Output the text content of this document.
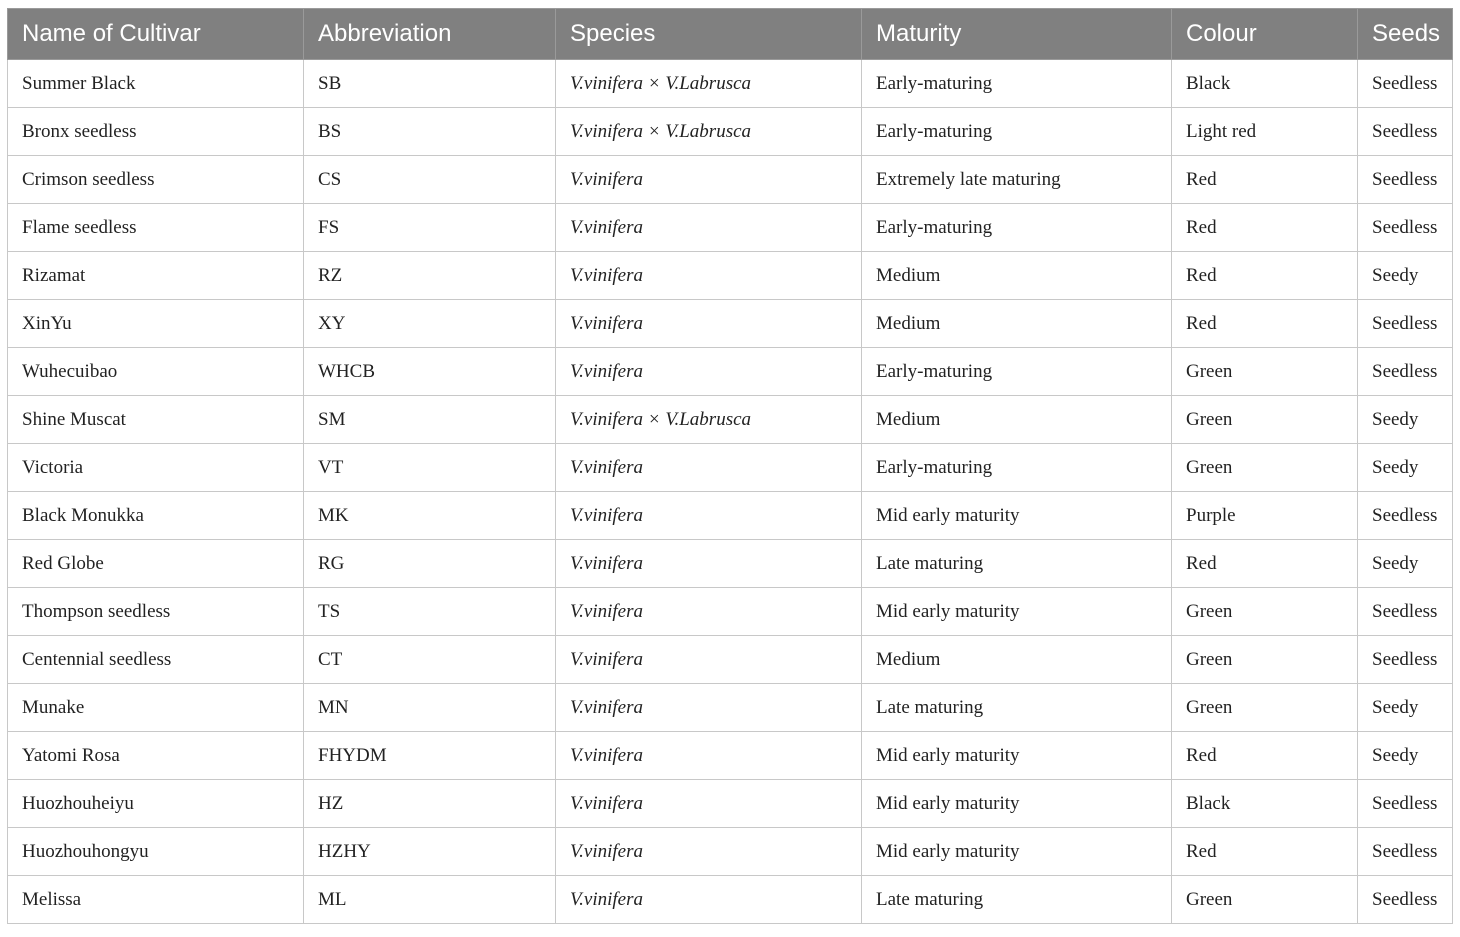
Name of Cultivar	Abbreviation	Species	Maturity	Colour	Seeds
Summer Black	SB	V.vinifera × V.Labrusca	Early-maturing	Black	Seedless
Bronx seedless	BS	V.vinifera × V.Labrusca	Early-maturing	Light red	Seedless
Crimson seedless	CS	V.vinifera	Extremely late maturing	Red	Seedless
Flame seedless	FS	V.vinifera	Early-maturing	Red	Seedless
Rizamat	RZ	V.vinifera	Medium	Red	Seedy
XinYu	XY	V.vinifera	Medium	Red	Seedless
Wuhecuibao	WHCB	V.vinifera	Early-maturing	Green	Seedless
Shine Muscat	SM	V.vinifera × V.Labrusca	Medium	Green	Seedy
Victoria	VT	V.vinifera	Early-maturing	Green	Seedy
Black Monukka	MK	V.vinifera	Mid early maturity	Purple	Seedless
Red Globe	RG	V.vinifera	Late maturing	Red	Seedy
Thompson seedless	TS	V.vinifera	Mid early maturity	Green	Seedless
Centennial seedless	CT	V.vinifera	Medium	Green	Seedless
Munake	MN	V.vinifera	Late maturing	Green	Seedy
Yatomi Rosa	FHYDM	V.vinifera	Mid early maturity	Red	Seedy
Huozhouheiyu	HZ	V.vinifera	Mid early maturity	Black	Seedless
Huozhouhongyu	HZHY	V.vinifera	Mid early maturity	Red	Seedless
Melissa	ML	V.vinifera	Late maturing	Green	Seedless
